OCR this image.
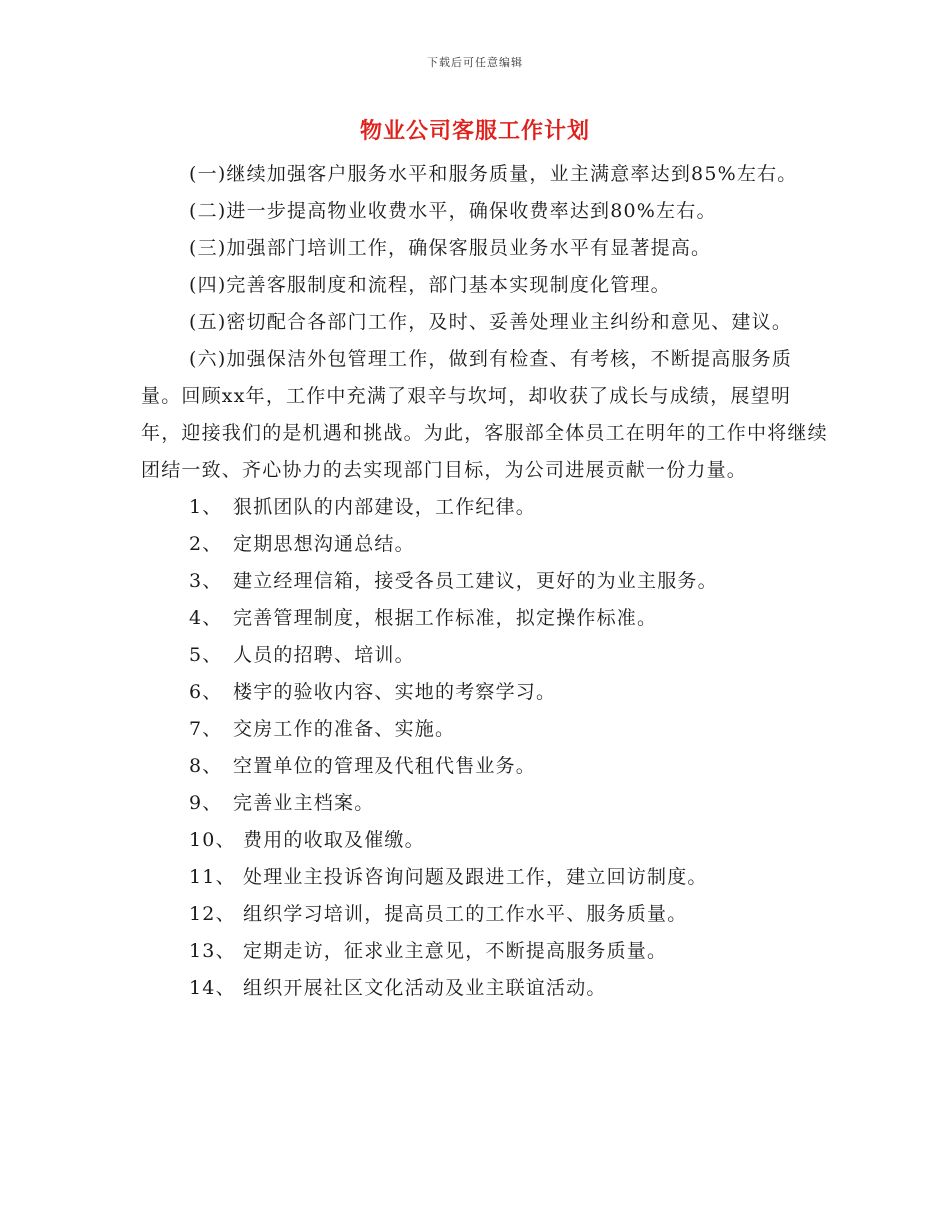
下载后可任意编辑
物业公司客服工作计划

(一)继续加强客户服务水平和服务质量，业主满意率达到85%左右。

(二)进一步提高物业收费水平，确保收费率达到80%左右。

(三)加强部门培训工作，确保客服员业务水平有显著提高。

(四)完善客服制度和流程，部门基本实现制度化管理。

(五)密切配合各部门工作，及时、妥善处理业主纠纷和意见、建议。

(六)加强保洁外包管理工作，做到有检查、有考核，不断提高服务质量。回顾xx年，工作中充满了艰辛与坎坷，却收获了成长与成绩，展望明年，迎接我们的是机遇和挑战。为此，客服部全体员工在明年的工作中将继续团结一致、齐心协力的去实现部门目标，为公司进展贡献一份力量。

1、 狠抓团队的内部建设，工作纪律。
2、 定期思想沟通总结。
3、 建立经理信箱，接受各员工建议，更好的为业主服务。
4、 完善管理制度，根据工作标准，拟定操作标准。
5、 人员的招聘、培训。
6、 楼宇的验收内容、实地的考察学习。
7、 交房工作的准备、实施。
8、 空置单位的管理及代租代售业务。
9、 完善业主档案。
10、 费用的收取及催缴。
11、 处理业主投诉咨询问题及跟进工作，建立回访制度。
12、 组织学习培训，提高员工的工作水平、服务质量。
13、 定期走访，征求业主意见，不断提高服务质量。
14、 组织开展社区文化活动及业主联谊活动。
